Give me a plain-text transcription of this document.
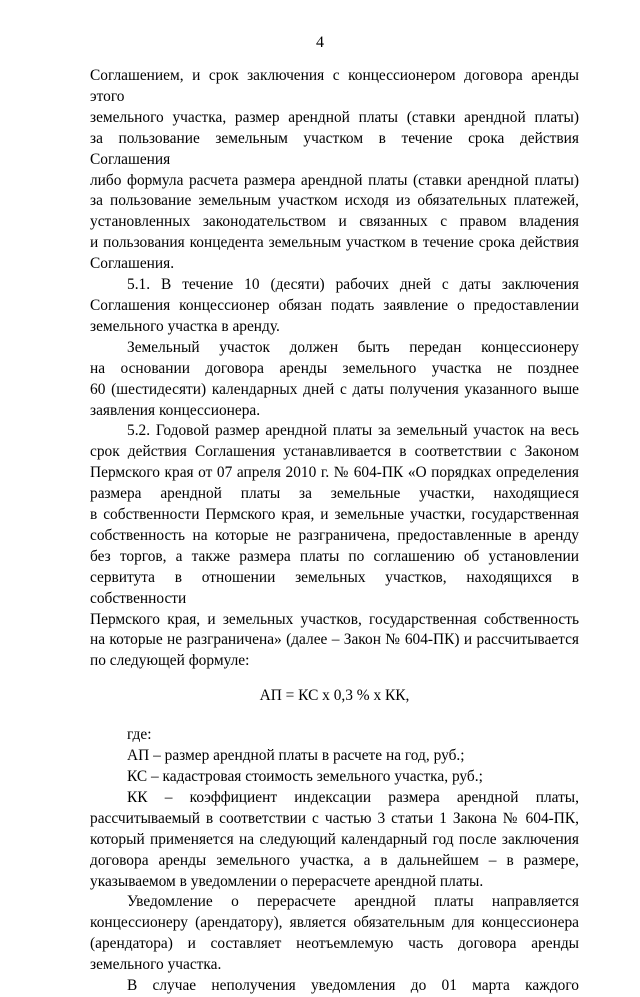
4

Соглашением, и срок заключения с концессионером договора аренды этого

земельного участка, размер арендной платы (ставки арендной платы)

за пользование земельным участком в течение срока действия Соглашения

либо формула расчета размера арендной платы (ставки арендной платы)

за пользование земельным участком исходя из обязательных платежей,

установленных законодательством и связанных с правом владения

и пользования концедента земельным участком в течение срока действия

Соглашения.

5.1. В течение 10 (десяти) рабочих дней с даты заключения

Соглашения концессионер обязан подать заявление о предоставлении

земельного участка в аренду.

Земельный участок должен быть передан концессионеру

на основании договора аренды земельного участка не позднее

60 (шестидесяти) календарных дней с даты получения указанного выше

заявления концессионера.

5.2. Годовой размер арендной платы за земельный участок на весь

срок действия Соглашения устанавливается в соответствии с Законом

Пермского края от 07 апреля 2010 г. № 604-ПК «О порядках определения

размера арендной платы за земельные участки, находящиеся

в собственности Пермского края, и земельные участки, государственная

собственность на которые не разграничена, предоставленные в аренду

без торгов, а также размера платы по соглашению об установлении

сервитута в отношении земельных участков, находящихся в собственности

Пермского края, и земельных участков, государственная собственность

на которые не разграничена» (далее – Закон № 604-ПК) и рассчитывается

по следующей формуле:

АП = КС х 0,3 % х КК,

где:

АП – размер арендной платы в расчете на год, руб.;

КС – кадастровая стоимость земельного участка, руб.;

КК – коэффициент индексации размера арендной платы,

рассчитываемый в соответствии с частью 3 статьи 1 Закона № 604-ПК,

который применяется на следующий календарный год после заключения

договора аренды земельного участка, а в дальнейшем – в размере,

указываемом в уведомлении о перерасчете арендной платы.

Уведомление о перерасчете арендной платы направляется

концессионеру (арендатору), является обязательным для концессионера

(арендатора) и составляет неотъемлемую часть договора аренды

земельного участка.

В случае неполучения уведомления до 01 марта каждого
